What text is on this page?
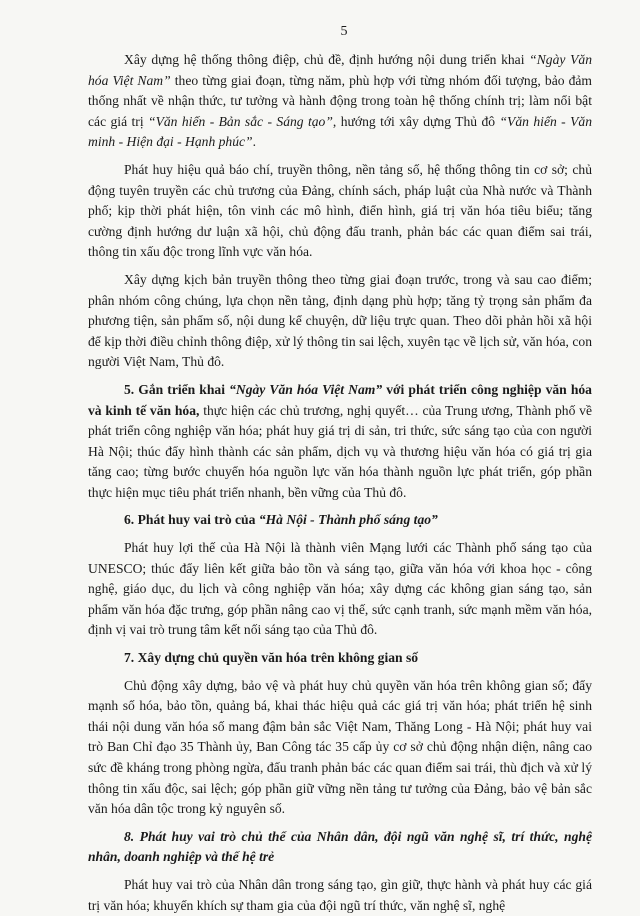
5

Xây dựng hệ thống thông điệp, chủ đề, định hướng nội dung triển khai “Ngày Văn hóa Việt Nam” theo từng giai đoạn, từng năm, phù hợp với từng nhóm đối tượng, bảo đảm thống nhất về nhận thức, tư tưởng và hành động trong toàn hệ thống chính trị; làm nổi bật các giá trị “Văn hiến - Bản sắc - Sáng tạo”, hướng tới xây dựng Thủ đô “Văn hiến - Văn minh - Hiện đại - Hạnh phúc”.

Phát huy hiệu quả báo chí, truyền thông, nền tảng số, hệ thống thông tin cơ sở; chủ động tuyên truyền các chủ trương của Đảng, chính sách, pháp luật của Nhà nước và Thành phố; kịp thời phát hiện, tôn vinh các mô hình, điển hình, giá trị văn hóa tiêu biểu; tăng cường định hướng dư luận xã hội, chủ động đấu tranh, phản bác các quan điểm sai trái, thông tin xấu độc trong lĩnh vực văn hóa.

Xây dựng kịch bản truyền thông theo từng giai đoạn trước, trong và sau cao điểm; phân nhóm công chúng, lựa chọn nền tảng, định dạng phù hợp; tăng tỷ trọng sản phẩm đa phương tiện, sản phẩm số, nội dung kể chuyện, dữ liệu trực quan. Theo dõi phản hồi xã hội để kịp thời điều chỉnh thông điệp, xử lý thông tin sai lệch, xuyên tạc về lịch sử, văn hóa, con người Việt Nam, Thủ đô.

5. Gắn triển khai “Ngày Văn hóa Việt Nam” với phát triển công nghiệp văn hóa và kinh tế văn hóa, thực hiện các chủ trương, nghị quyết… của Trung ương, Thành phố về phát triển công nghiệp văn hóa; phát huy giá trị di sản, tri thức, sức sáng tạo của con người Hà Nội; thúc đẩy hình thành các sản phẩm, dịch vụ và thương hiệu văn hóa có giá trị gia tăng cao; từng bước chuyển hóa nguồn lực văn hóa thành nguồn lực phát triển, góp phần thực hiện mục tiêu phát triển nhanh, bền vững của Thủ đô.

6. Phát huy vai trò của “Hà Nội - Thành phố sáng tạo”

Phát huy lợi thế của Hà Nội là thành viên Mạng lưới các Thành phố sáng tạo của UNESCO; thúc đẩy liên kết giữa bảo tồn và sáng tạo, giữa văn hóa với khoa học - công nghệ, giáo dục, du lịch và công nghiệp văn hóa; xây dựng các không gian sáng tạo, sản phẩm văn hóa đặc trưng, góp phần nâng cao vị thế, sức cạnh tranh, sức mạnh mềm văn hóa, định vị vai trò trung tâm kết nối sáng tạo của Thủ đô.

7. Xây dựng chủ quyền văn hóa trên không gian số

Chủ động xây dựng, bảo vệ và phát huy chủ quyền văn hóa trên không gian số; đẩy mạnh số hóa, bảo tồn, quảng bá, khai thác hiệu quả các giá trị văn hóa; phát triển hệ sinh thái nội dung văn hóa số mang đậm bản sắc Việt Nam, Thăng Long - Hà Nội; phát huy vai trò Ban Chỉ đạo 35 Thành ủy, Ban Công tác 35 cấp ủy cơ sở chủ động nhận diện, nâng cao sức đề kháng trong phòng ngừa, đấu tranh phản bác các quan điểm sai trái, thù địch và xử lý thông tin xấu độc, sai lệch; góp phần giữ vững nền tảng tư tưởng của Đảng, bảo vệ bản sắc văn hóa dân tộc trong kỷ nguyên số.

8. Phát huy vai trò chủ thể của Nhân dân, đội ngũ văn nghệ sĩ, trí thức, nghệ nhân, doanh nghiệp và thế hệ trẻ

Phát huy vai trò của Nhân dân trong sáng tạo, gìn giữ, thực hành và phát huy các giá trị văn hóa; khuyến khích sự tham gia của đội ngũ trí thức, văn nghệ sĩ, nghệ
